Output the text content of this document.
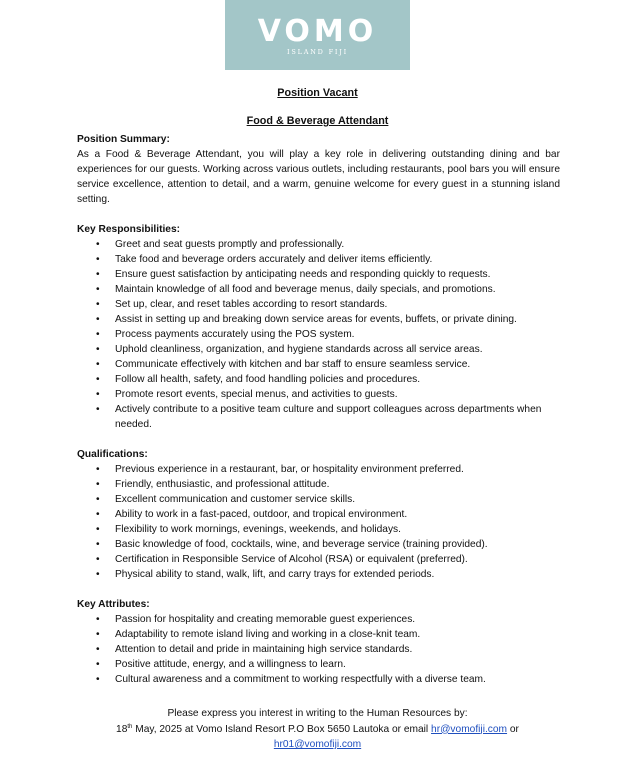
VOMO
ISLAND FIJI
Position Vacant
Food & Beverage Attendant
Position Summary:
As a Food & Beverage Attendant, you will play a key role in delivering outstanding dining and bar experiences for our guests. Working across various outlets, including restaurants, pool bars you will ensure service excellence, attention to detail, and a warm, genuine welcome for every guest in a stunning island setting.
Key Responsibilities:
• Greet and seat guests promptly and professionally.
• Take food and beverage orders accurately and deliver items efficiently.
• Ensure guest satisfaction by anticipating needs and responding quickly to requests.
• Maintain knowledge of all food and beverage menus, daily specials, and promotions.
• Set up, clear, and reset tables according to resort standards.
• Assist in setting up and breaking down service areas for events, buffets, or private dining.
• Process payments accurately using the POS system.
• Uphold cleanliness, organization, and hygiene standards across all service areas.
• Communicate effectively with kitchen and bar staff to ensure seamless service.
• Follow all health, safety, and food handling policies and procedures.
• Promote resort events, special menus, and activities to guests.
• Actively contribute to a positive team culture and support colleagues across departments when needed.
Qualifications:
• Previous experience in a restaurant, bar, or hospitality environment preferred.
• Friendly, enthusiastic, and professional attitude.
• Excellent communication and customer service skills.
• Ability to work in a fast-paced, outdoor, and tropical environment.
• Flexibility to work mornings, evenings, weekends, and holidays.
• Basic knowledge of food, cocktails, wine, and beverage service (training provided).
• Certification in Responsible Service of Alcohol (RSA) or equivalent (preferred).
• Physical ability to stand, walk, lift, and carry trays for extended periods.
Key Attributes:
• Passion for hospitality and creating memorable guest experiences.
• Adaptability to remote island living and working in a close-knit team.
• Attention to detail and pride in maintaining high service standards.
• Positive attitude, energy, and a willingness to learn.
• Cultural awareness and a commitment to working respectfully with a diverse team.
Please express you interest in writing to the Human Resources by:
18th May, 2025 at Vomo Island Resort P.O Box 5650 Lautoka or email hr@vomofiji.com or
hr01@vomofiji.com
